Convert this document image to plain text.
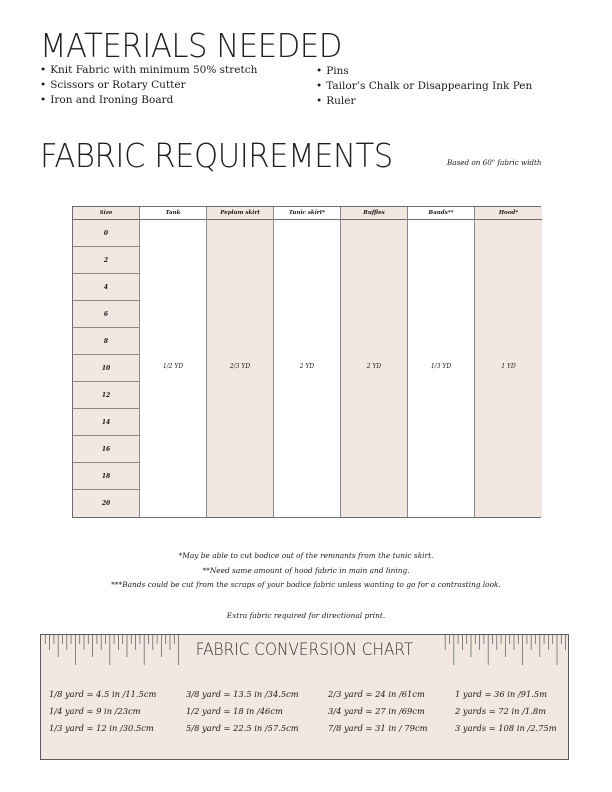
MATERIALS NEEDED
• Knit Fabric with minimum 50% stretch
• Scissors or Rotary Cutter
• Iron and Ironing Board
• Pins
• Tailor’s Chalk or Disappearing Ink Pen
• Ruler
FABRIC REQUIREMENTS	Based on 60" fabric width
Size
0
2
4
6
8
10
12
14
16
18
20
Tank
1/2 YD
Peplum skirt
2/3 YD
Tunic skirt*
2 YD
Ruffles
2 YD
Bands**
1/3 YD
Hood*
1 YD
*May be able to cut bodice out of the remnants from the tunic skirt.
**Need same amount of hood fabric in main and lining.
***Bands could be cut from the scraps of your bodice fabric unless wanting to go for a contrasting look.
Extra fabric required for directional print.
FABRIC CONVERSION CHART
1/8 yard = 4.5 in /11.5cm
1/4 yard = 9 in /23cm
1/3 yard = 12 in /30.5cm
3/8 yard = 13.5 in /34.5cm
1/2 yard = 18 in /46cm
5/8 yard = 22.5 in /57.5cm
2/3 yard = 24 in /61cm
3/4 yard = 27 in /69cm
7/8 yard = 31 in / 79cm
1 yard = 36 in /91.5m
2 yards = 72 in /1.8m
3 yards = 108 in /2.75m
